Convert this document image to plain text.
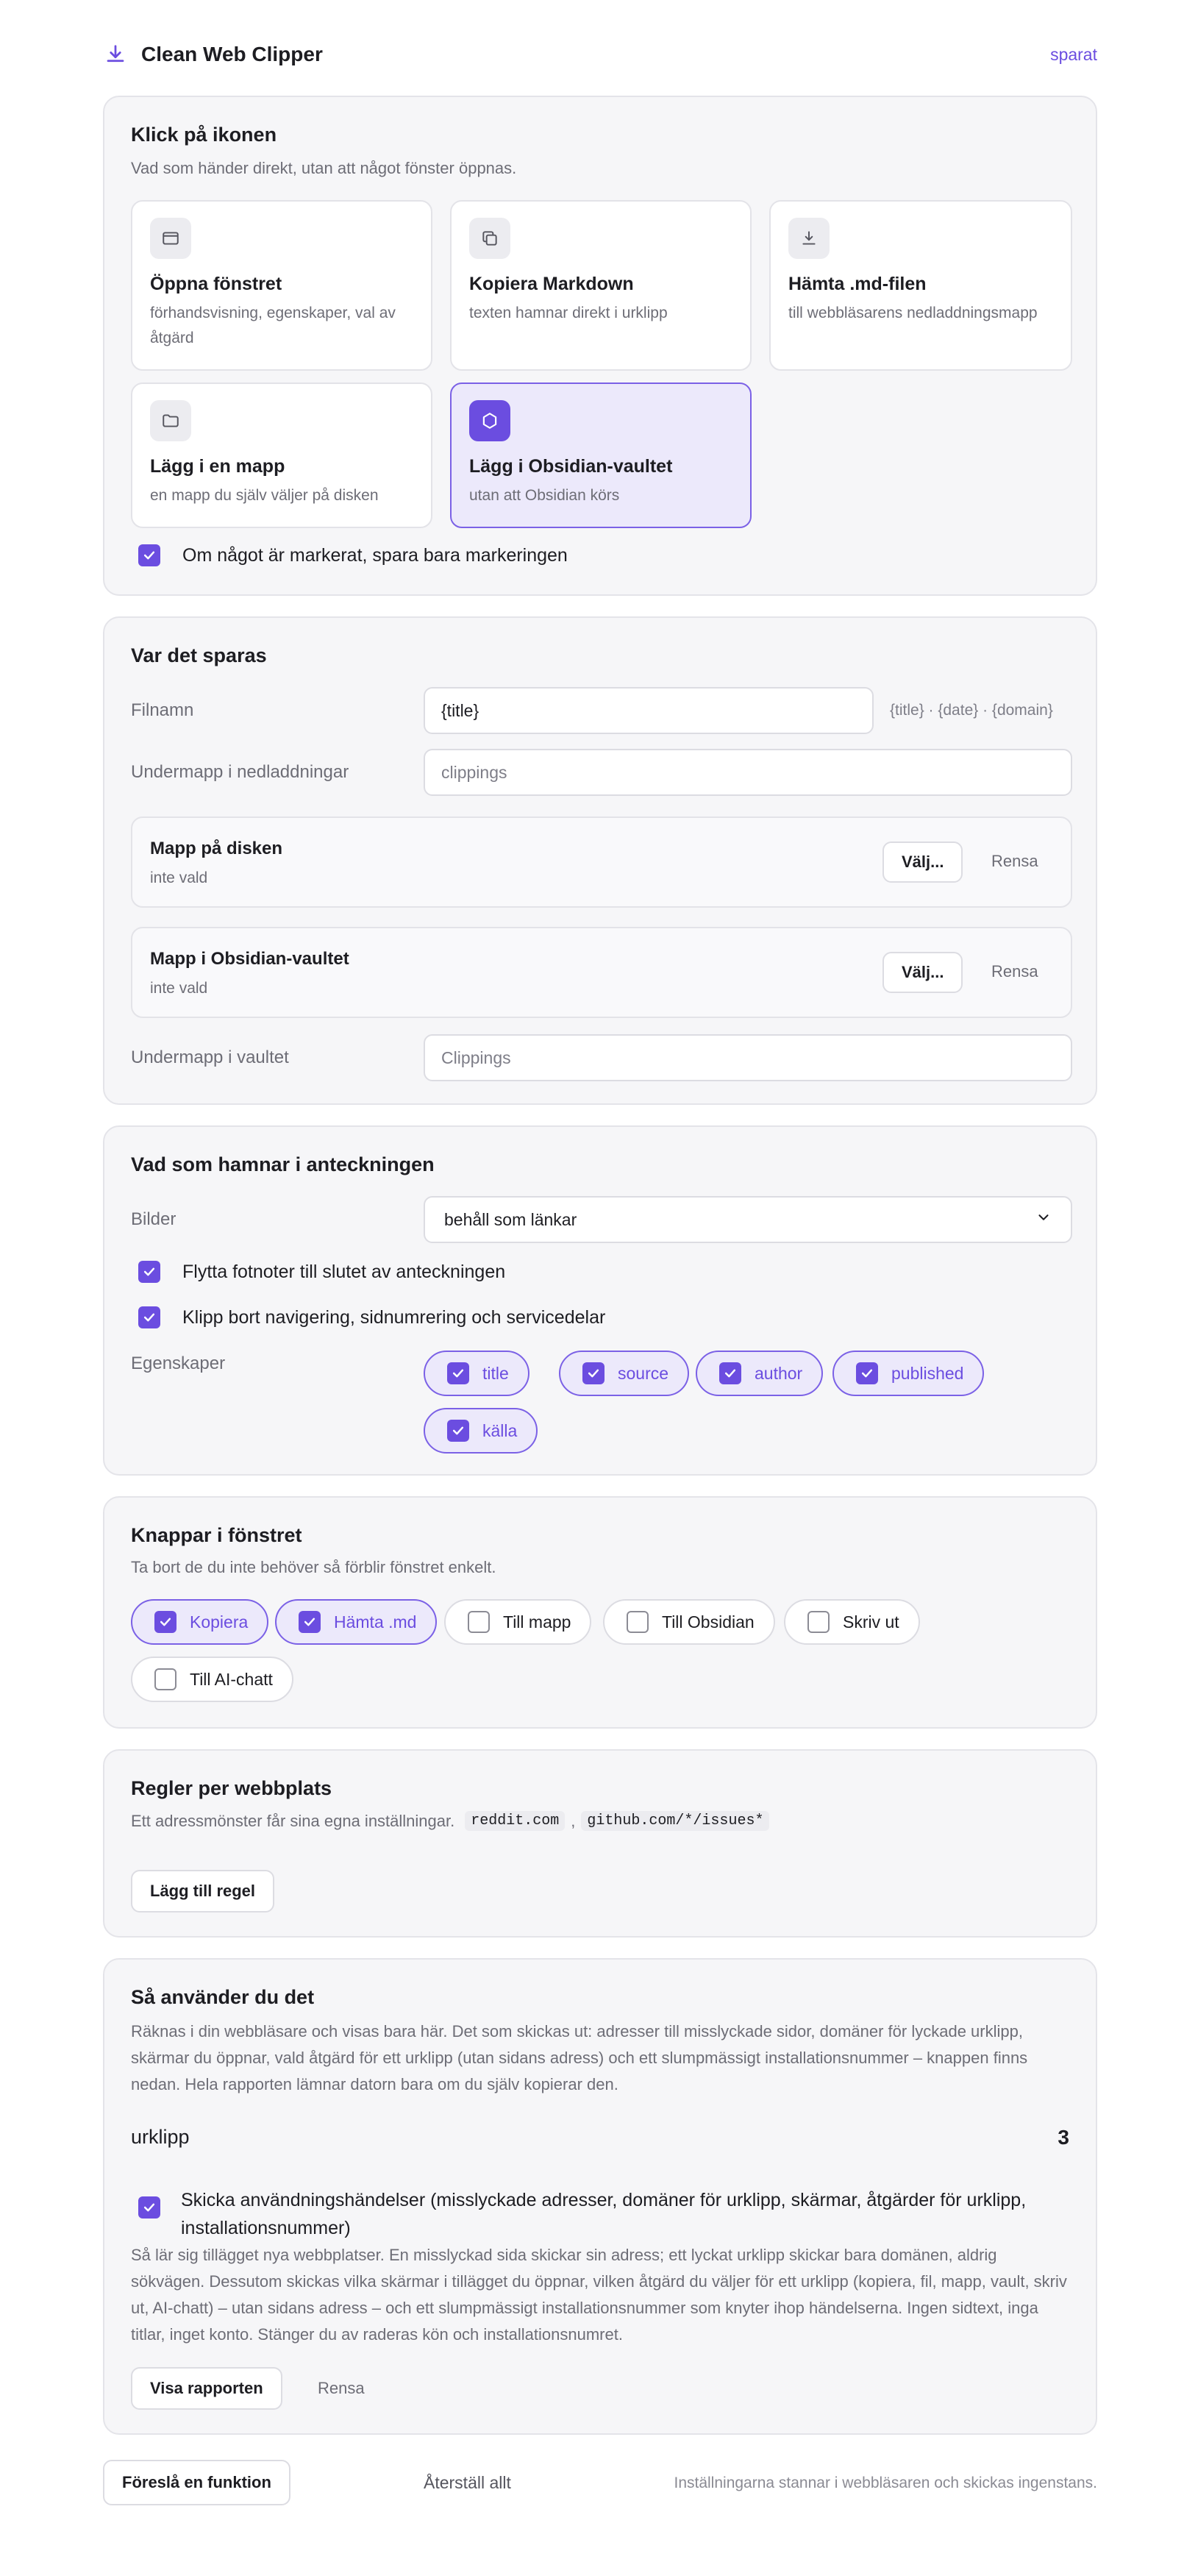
Clean Web Clipper	sparat
Klick på ikonen
Vad som händer direkt, utan att något fönster öppnas.
Öppna fönstret
förhandsvisning, egenskaper, val av åtgärd
Kopiera Markdown
texten hamnar direkt i urklipp
Hämta .md-filen
till webbläsarens nedladdningsmapp
Lägg i en mapp
en mapp du själv väljer på disken
Lägg i Obsidian-vaultet
utan att Obsidian körs
Om något är markerat, spara bara markeringen
Var det sparas
Filnamn	{title}	{title} · {date} · {domain}
Undermapp i nedladdningar	clippings
Mapp på disken
inte vald
Välj...	Rensa
Mapp i Obsidian-vaultet
inte vald
Välj...	Rensa
Undermapp i vaultet	Clippings
Vad som hamnar i anteckningen
Bilder	behåll som länkar
Flytta fotnoter till slutet av anteckningen
Klipp bort navigering, sidnumrering och servicedelar
Egenskaper	title	source	author	published
källa
Knappar i fönstret
Ta bort de du inte behöver så förblir fönstret enkelt.
Kopiera	Hämta .md	Till mapp	Till Obsidian	Skriv ut
Till AI-chatt
Regler per webbplats
Ett adressmönster får sina egna inställningar.	reddit.com , github.com/*/issues*
Lägg till regel
Så använder du det
Räknas i din webbläsare och visas bara här. Det som skickas ut: adresser till misslyckade sidor, domäner för lyckade urklipp, skärmar du öppnar, vald åtgärd för ett urklipp (utan sidans adress) och ett slumpmässigt installationsnummer – knappen finns nedan. Hela rapporten lämnar datorn bara om du själv kopierar den.
urklipp	3
Skicka användningshändelser (misslyckade adresser, domäner för urklipp, skärmar, åtgärder för urklipp, installationsnummer)
Så lär sig tillägget nya webbplatser. En misslyckad sida skickar sin adress; ett lyckat urklipp skickar bara domänen, aldrig sökvägen. Dessutom skickas vilka skärmar i tillägget du öppnar, vilken åtgärd du väljer för ett urklipp (kopiera, fil, mapp, vault, skriv ut, AI-chatt) – utan sidans adress – och ett slumpmässigt installationsnummer som knyter ihop händelserna. Ingen sidtext, inga titlar, inget konto. Stänger du av raderas kön och installationsnumret.
Visa rapporten	Rensa
Föreslå en funktion	Återställ allt	Inställningarna stannar i webbläsaren och skickas ingenstans.
